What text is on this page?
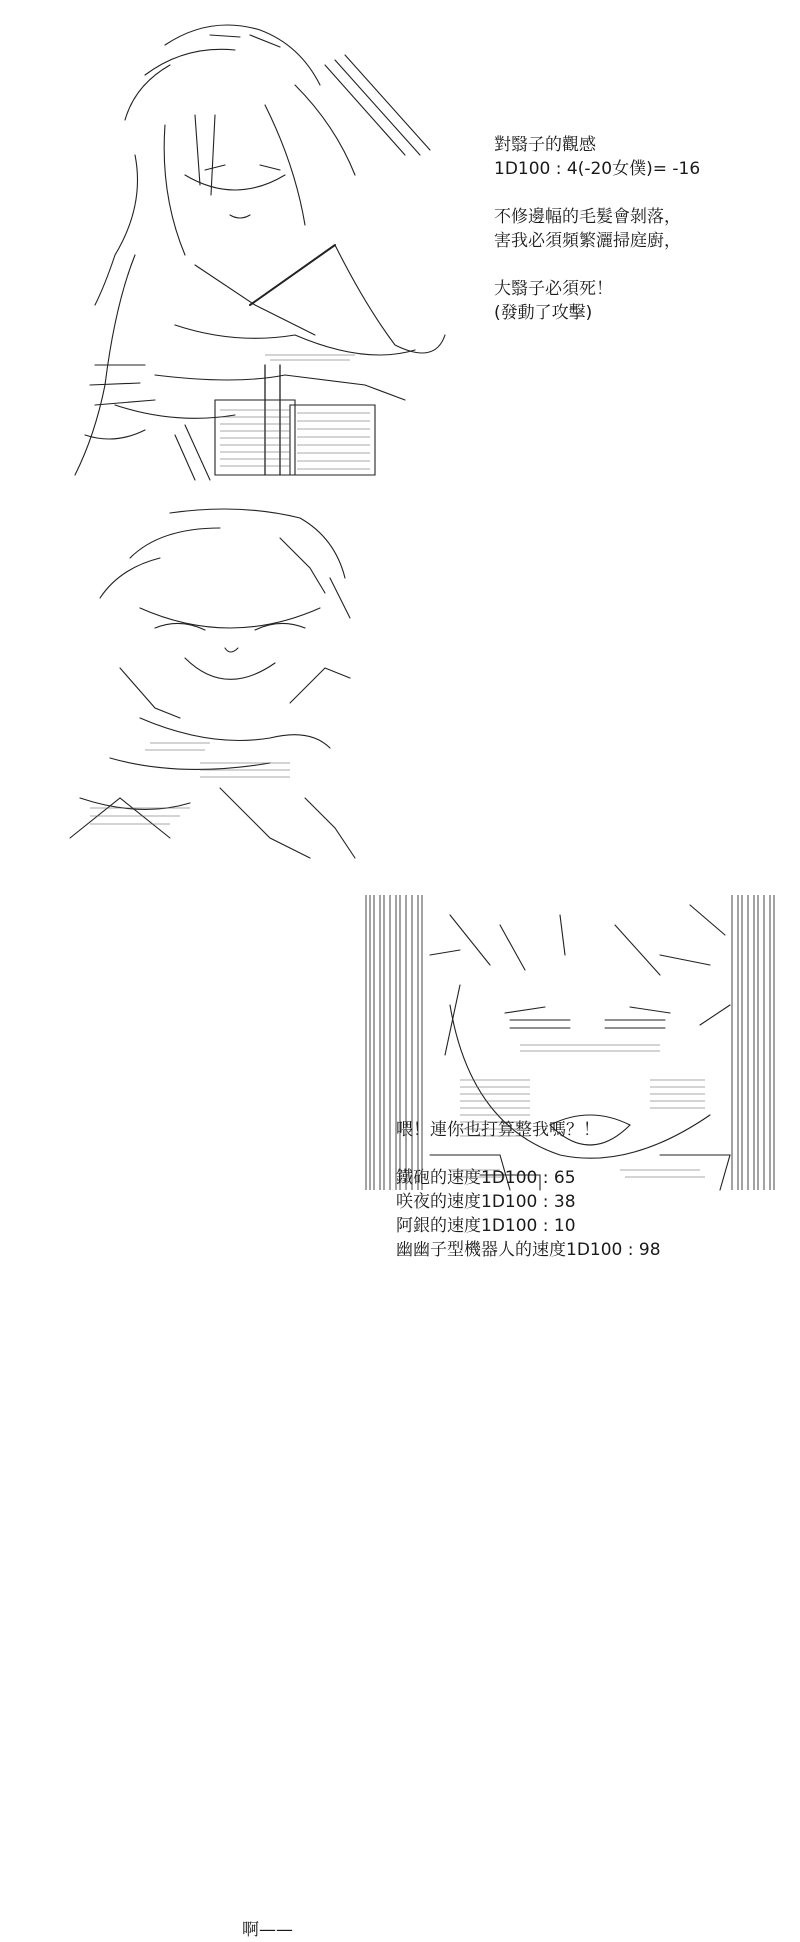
對翳子的觀感

1D100 : 4(-20女僕)= -16

不修邊幅的毛髮會剝落，

害我必須頻繁灑掃庭廚，

大翳子必須死！

(發動了攻擊)

喂！連你也打算整我嗎？！

鐵砲的速度1D100 : 65

咲夜的速度1D100 : 38

阿銀的速度1D100 : 10

幽幽子型機器人的速度1D100 : 98

啊——
